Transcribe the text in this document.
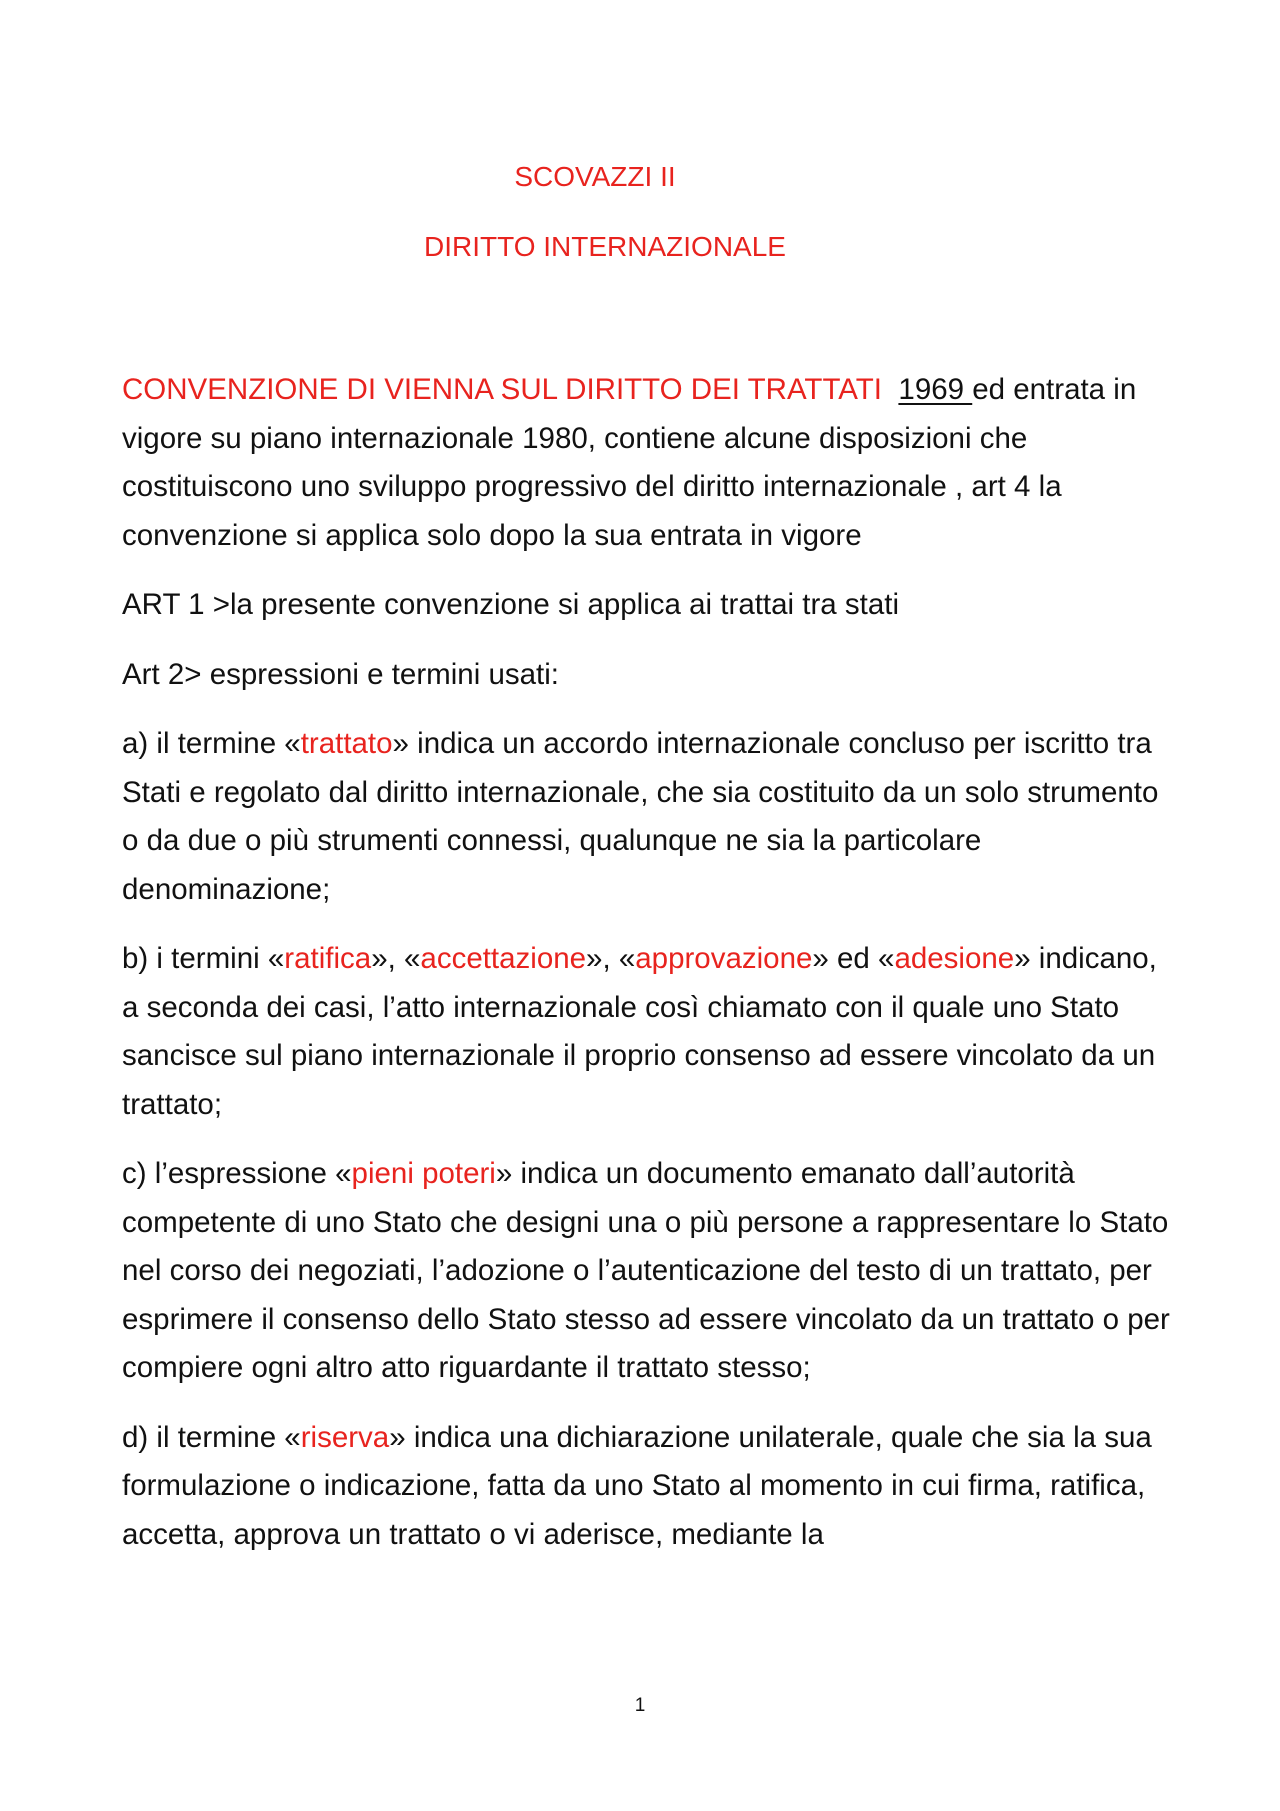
SCOVAZZI II
DIRITTO INTERNAZIONALE

CONVENZIONE DI VIENNA SUL DIRITTO DEI TRATTATI 1969 ed entrata in vigore su piano internazionale 1980, contiene alcune disposizioni che costituiscono uno sviluppo progressivo del diritto internazionale , art 4 la convenzione si applica solo dopo la sua entrata in vigore

ART 1 >la presente convenzione si applica ai trattai tra stati

Art 2> espressioni e termini usati:

a) il termine «trattato» indica un accordo internazionale concluso per iscritto tra Stati e regolato dal diritto internazionale, che sia costituito da un solo strumento o da due o più strumenti connessi, qualunque ne sia la particolare denominazione;

b) i termini «ratifica», «accettazione», «approvazione» ed «adesione» indicano, a seconda dei casi, l’atto internazionale così chiamato con il quale uno Stato sancisce sul piano internazionale il proprio consenso ad essere vincolato da un trattato;

c) l’espressione «pieni poteri» indica un documento emanato dall’autorità competente di uno Stato che designi una o più persone a rappresentare lo Stato nel corso dei negoziati, l’adozione o l’autenticazione del testo di un trattato, per esprimere il consenso dello Stato stesso ad essere vincolato da un trattato o per compiere ogni altro atto riguardante il trattato stesso;

d) il termine «riserva» indica una dichiarazione unilaterale, quale che sia la sua formulazione o indicazione, fatta da uno Stato al momento in cui firma, ratifica, accetta, approva un trattato o vi aderisce, mediante la

1
